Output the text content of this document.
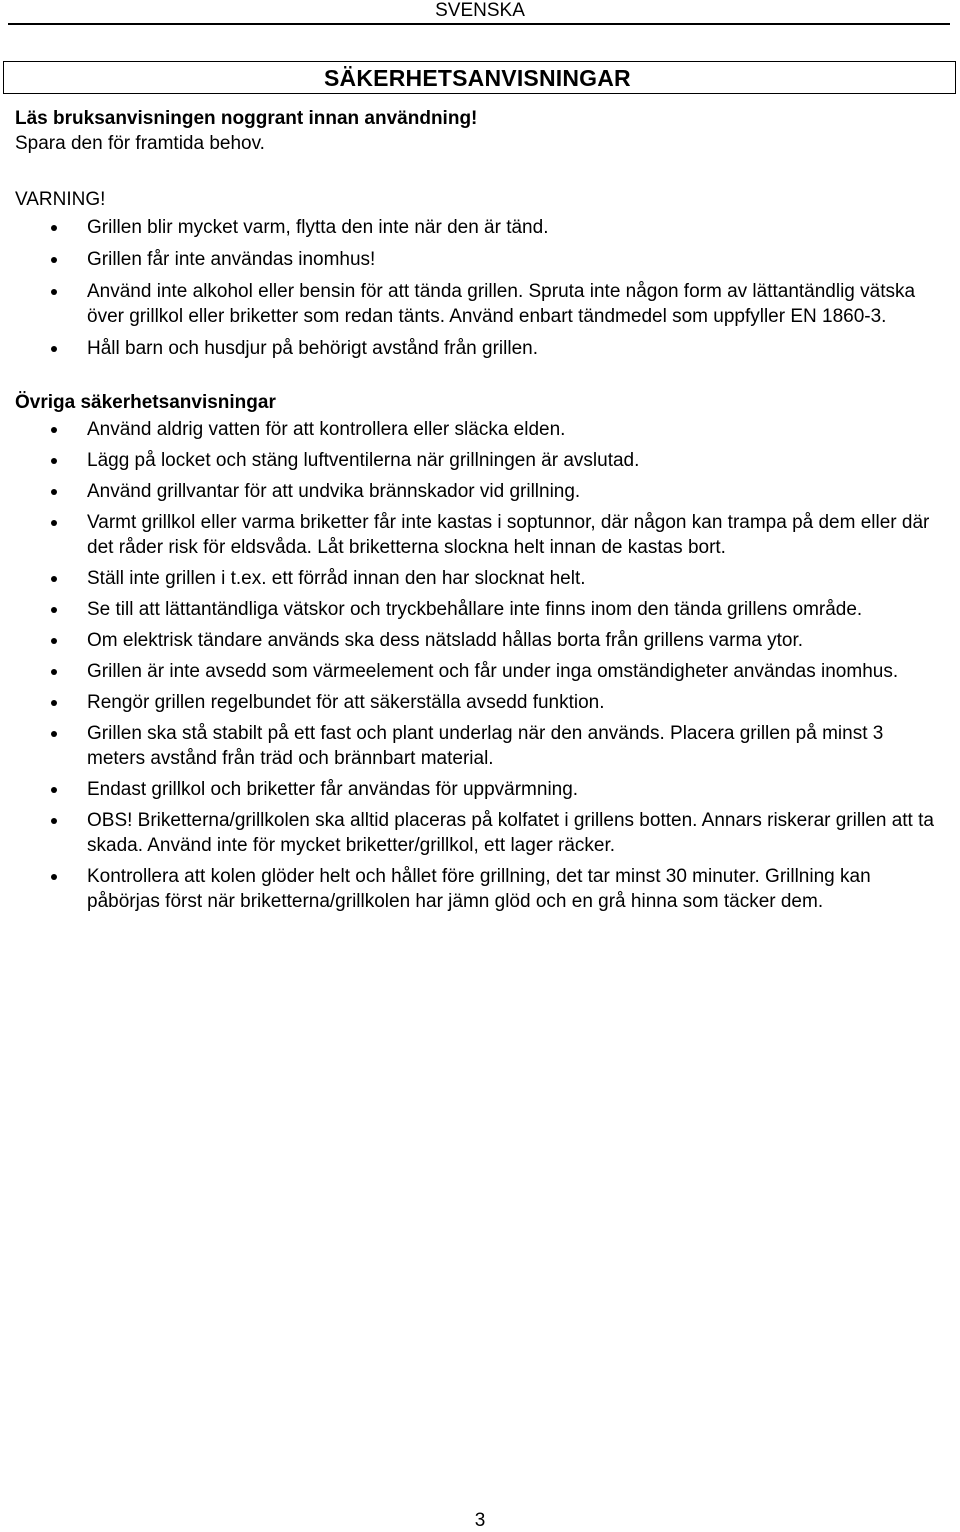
SVENSKA
SÄKERHETSANVISNINGAR

Läs bruksanvisningen noggrant innan användning!
Spara den för framtida behov.

VARNING!

Grillen blir mycket varm, flytta den inte när den är tänd.
Grillen får inte användas inomhus!
Använd inte alkohol eller bensin för att tända grillen. Spruta inte någon form av lättantändlig vätska över grillkol eller briketter som redan tänts. Använd enbart tändmedel som uppfyller EN 1860-3.
Håll barn och husdjur på behörigt avstånd från grillen.

Övriga säkerhetsanvisningar

Använd aldrig vatten för att kontrollera eller släcka elden.
Lägg på locket och stäng luftventilerna när grillningen är avslutad.
Använd grillvantar för att undvika brännskador vid grillning.
Varmt grillkol eller varma briketter får inte kastas i soptunnor, där någon kan trampa på dem eller där det råder risk för eldsvåda. Låt briketterna slockna helt innan de kastas bort.
Ställ inte grillen i t.ex. ett förråd innan den har slocknat helt.
Se till att lättantändliga vätskor och tryckbehållare inte finns inom den tända grillens område.
Om elektrisk tändare används ska dess nätsladd hållas borta från grillens varma ytor.
Grillen är inte avsedd som värmeelement och får under inga omständigheter användas inomhus.
Rengör grillen regelbundet för att säkerställa avsedd funktion.
Grillen ska stå stabilt på ett fast och plant underlag när den används. Placera grillen på minst 3 meters avstånd från träd och brännbart material.
Endast grillkol och briketter får användas för uppvärmning.
OBS! Briketterna/grillkolen ska alltid placeras på kolfatet i grillens botten. Annars riskerar grillen att ta skada. Använd inte för mycket briketter/grillkol, ett lager räcker.
Kontrollera att kolen glöder helt och hållet före grillning, det tar minst 30 minuter. Grillning kan påbörjas först när briketterna/grillkolen har jämn glöd och en grå hinna som täcker dem.
3
